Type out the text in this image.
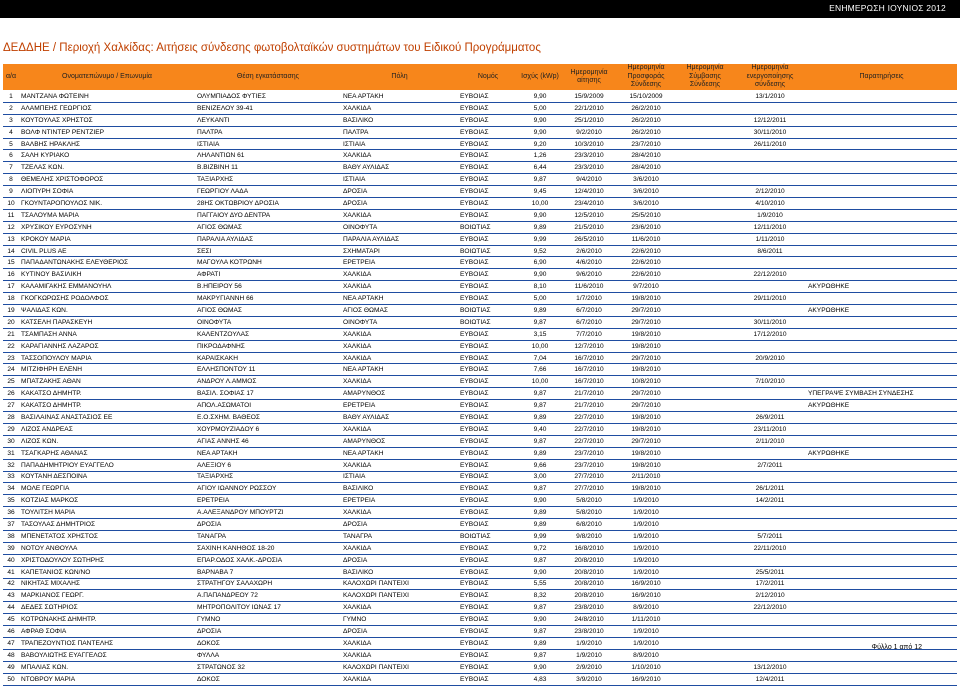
ΕΝΗΜΕΡΩΣΗ ΙΟΥΝΙΟΣ 2012
ΔΕΔΔΗΕ / Περιοχή Χαλκίδας: Αιτήσεις σύνδεσης φωτοβολταϊκών συστημάτων του Ειδικού Προγράμματος
α/α	Ονοματεπώνυμο / Επωνυμία	Θέση εγκατάστασης	Πόλη	Νομός	Ισχύς (kWp)	Ημερομηνία αίτησης	Ημερομηνία Προσφοράς Σύνδεσης	Ημερομηνία Σύμβασης Σύνδεσης	Ημερομηνία ενεργοποίησης σύνδεσης	Παρατηρήσεις
1	ΜΑΝΤΖΑΝΑ ΦΩΤΕΙΝΗ	ΟΛΥΜΠΙΑΔΟΣ ΦΥΤΙΕΣ	ΝΕΑ ΑΡΤΑΚΗ	ΕΥΒΟΙΑΣ	9,90	15/9/2009	15/10/2009		13/1/2010	
2	ΑΛΑΜΠΕΗΣ ΓΕΩΡΓΙΟΣ	ΒΕΝΙΖΕΛΟΥ 39-41	ΧΑΛΚΙΔΑ	ΕΥΒΟΙΑΣ	5,00	22/1/2010	26/2/2010			
3	ΚΟΥΤΟΥΛΑΣ ΧΡΗΣΤΟΣ	ΛΕΥΚΑΝΤΙ	ΒΑΣΙΛΙΚΟ	ΕΥΒΟΙΑΣ	9,90	25/1/2010	26/2/2010		12/12/2011	
4	ΒΟΛΦ ΝΤΙΝΤΕΡ ΡΕΝΤΖΙΕΡ	ΠΑΛΤΡΑ	ΠΑΛΤΡΑ	ΕΥΒΟΙΑΣ	9,90	9/2/2010	26/2/2010		30/11/2010	
5	ΒΑΛΒΗΣ ΗΡΑΚΛΗΣ	ΙΣΤΙΑΙΑ	ΙΣΤΙΑΙΑ	ΕΥΒΟΙΑΣ	9,20	10/3/2010	23/7/2010		26/11/2010	
6	ΣΑΛΗ ΚΥΡΙΑΚΟ	ΛΗΛΑΝΤΙΩΝ 61	ΧΑΛΚΙΔΑ	ΕΥΒΟΙΑΣ	1,26	23/3/2010	28/4/2010			
7	ΤΖΕΛΑΣ ΚΩΝ.	Β.ΒΙΖΒΙΝΗ 11	ΒΑΘΥ ΑΥΛΙΔΑΣ	ΕΥΒΟΙΑΣ	6,44	23/3/2010	28/4/2010			
8	ΘΕΜΕΛΗΣ ΧΡΙΣΤΟΦΟΡΟΣ	ΤΑΞΙΑΡΧΗΣ	ΙΣΤΙΑΙΑ	ΕΥΒΟΙΑΣ	9,87	9/4/2010	3/6/2010			
9	ΛΙΟΠΥΡΗ ΣΟΦΙΑ	ΓΕΩΡΓΙΟΥ ΛΑΔΑ	ΔΡΟΣΙΑ	ΕΥΒΟΙΑΣ	9,45	12/4/2010	3/6/2010		2/12/2010	
10	ΓΚΟΥΝΤΑΡΟΠΟΥΛΟΣ ΝΙΚ.	28ΗΣ ΟΚΤΩΒΡΙΟΥ ΔΡΟΣΙΑ	ΔΡΟΣΙΑ	ΕΥΒΟΙΑΣ	10,00	23/4/2010	3/6/2010		4/10/2010	
11	ΤΣΑΛΟΥΜΑ ΜΑΡΙΑ	ΠΑΓΓΑΙΟΥ ΔΥΟ ΔΕΝΤΡΑ	ΧΑΛΚΙΔΑ	ΕΥΒΟΙΑΣ	9,90	12/5/2010	25/5/2010		1/9/2010	
12	ΧΡΥΣΙΚΟΥ ΕΥΡΟΣΥΝΗ	ΑΓΙΟΣ ΘΩΜΑΣ	ΟΙΝΟΦΥΤΑ	ΒΟΙΩΤΙΑΣ	9,89	21/5/2010	23/6/2010		12/11/2010	
13	ΚΡΟΚΟΥ ΜΑΡΙΑ	ΠΑΡΑΛΙΑ ΑΥΛΙΔΑΣ	ΠΑΡΑΛΙΑ ΑΥΛΙΔΑΣ	ΕΥΒΟΙΑΣ	9,99	26/5/2010	11/6/2010		1/11/2010	
14	CIVIL PLUS AE	ΣΕΣΙ	ΣΧΗΜΑΤΑΡΙ	ΒΟΙΩΤΙΑΣ	9,52	2/6/2010	22/6/2010		8/6/2011	
15	ΠΑΠΑΔΑΝΤΩΝΑΚΗΣ ΕΛΕΥΘΕΡΙΟΣ	ΜΑΓΟΥΛΑ ΚΟΤΡΩΝΗ	ΕΡΕΤΡΕΙΑ	ΕΥΒΟΙΑΣ	6,90	4/6/2010	22/6/2010			
16	ΚΥΤΙΝΟΥ ΒΑΣΙΛΙΚΗ	ΑΦΡΑΤΙ	ΧΑΛΚΙΔΑ	ΕΥΒΟΙΑΣ	9,90	9/6/2010	22/6/2010		22/12/2010	
17	ΚΑΛΑΜΙΓΑΚΗΣ ΕΜΜΑΝΟΥΗΛ	Β.ΗΠΕΙΡΟΥ 56	ΧΑΛΚΙΔΑ	ΕΥΒΟΙΑΣ	8,10	11/6/2010	9/7/2010			ΑΚΥΡΩΘΗΚΕ
18	ΓΚΟΓΚΩΡΩΣΗΣ ΡΟΔΟΛΦΟΣ	ΜΑΚΡΥΓΙΑΝΝΗ 66	ΝΕΑ ΑΡΤΑΚΗ	ΕΥΒΟΙΑΣ	5,00	1/7/2010	19/8/2010		29/11/2010	
19	ΨΑΛΙΔΑΣ ΚΩΝ.	ΑΓΙΟΣ ΘΩΜΑΣ	ΑΓΙΟΣ ΘΩΜΑΣ	ΒΟΙΩΤΙΑΣ	9,89	6/7/2010	29/7/2010			ΑΚΥΡΩΘΗΚΕ
20	ΚΑΤΣΕΛΗ ΠΑΡΑΣΚΕΥΗ	ΟΙΝΟΦΥΤΑ	ΟΙΝΟΦΥΤΑ	ΒΟΙΩΤΙΑΣ	9,87	6/7/2010	29/7/2010		30/11/2010	
21	ΤΣΑΜΠΑΣΗ ΑΝΝΑ	ΚΑΛΕΝΤΖΟΥΛΑΣ	ΧΑΛΚΙΔΑ	ΕΥΒΟΙΑΣ	3,15	7/7/2010	19/8/2010		17/12/2010	
22	ΚΑΡΑΓΙΑΝΝΗΣ ΛΑΖΑΡΟΣ	ΠΙΚΡΟΔΑΦΝΗΣ	ΧΑΛΚΙΔΑ	ΕΥΒΟΙΑΣ	10,00	12/7/2010	19/8/2010			
23	ΤΑΣΣΟΠΟΥΛΟΥ ΜΑΡΙΑ	ΚΑΡΑΙΣΚΑΚΗ	ΧΑΛΚΙΔΑ	ΕΥΒΟΙΑΣ	7,04	16/7/2010	29/7/2010		20/9/2010	
24	ΜΙΤΖΙΦΗΡΗ ΕΛΕΝΗ	ΕΛΛΗΣΠΟΝΤΟΥ 11	ΝΕΑ ΑΡΤΑΚΗ	ΕΥΒΟΙΑΣ	7,66	16/7/2010	19/8/2010			
25	ΜΠΑΤΖΑΚΗΣ ΑΘΑΝ	ΑΝΔΡΟΥ Λ.ΑΜΜΟΣ	ΧΑΛΚΙΔΑ	ΕΥΒΟΙΑΣ	10,00	16/7/2010	10/8/2010		7/10/2010	
26	ΚΑΚΑΤΣΟ ΔΗΜΗΤΡ.	ΒΑΣΙΛ. ΣΟΦΙΑΣ 17	ΑΜΑΡΥΝΘΟΣ	ΕΥΒΟΙΑΣ	9,87	21/7/2010	29/7/2010			ΥΠΕΓΡΑΨΕ ΣΥΜΒΑΣΗ ΣΥΝΔΕΣΗΣ
27	ΚΑΚΑΤΣΟ ΔΗΜΗΤΡ.	ΑΠΟΛ.ΑΣΩΜΑΤΟΙ	ΕΡΕΤΡΕΙΑ	ΕΥΒΟΙΑΣ	9,87	21/7/2010	29/7/2010			ΑΚΥΡΩΘΗΚΕ
28	ΒΑΣΙΛΑΙΝΑΣ ΑΝΑΣΤΑΣΙΟΣ ΕΕ	Ε.Ο.ΣΧΗΜ. ΒΑΘΕΟΣ	ΒΑΘΥ ΑΥΛΙΔΑΣ	ΕΥΒΟΙΑΣ	9,89	22/7/2010	19/8/2010		26/9/2011	
29	ΛΙΖΟΣ ΑΝΔΡΕΑΣ	ΧΟΥΡΜΟΥΖΙΑΔΟΥ 6	ΧΑΛΚΙΔΑ	ΕΥΒΟΙΑΣ	9,40	22/7/2010	19/8/2010		23/11/2010	
30	ΛΙΖΟΣ ΚΩΝ.	ΑΓΙΑΣ ΑΝΝΗΣ 46	ΑΜΑΡΥΝΘΟΣ	ΕΥΒΟΙΑΣ	9,87	22/7/2010	29/7/2010		2/11/2010	
31	ΤΣΑΓΚΑΡΗΣ ΑΘΑΝΑΣ	ΝΕΑ ΑΡΤΑΚΗ	ΝΕΑ ΑΡΤΑΚΗ	ΕΥΒΟΙΑΣ	9,89	23/7/2010	19/8/2010			ΑΚΥΡΩΘΗΚΕ
32	ΠΑΠΑΔΗΜΗΤΡΙΟΥ ΕΥΑΓΓΕΛΟ	ΑΛΕΞΙΟΥ 6	ΧΑΛΚΙΔΑ	ΕΥΒΟΙΑΣ	9,66	23/7/2010	19/8/2010		2/7/2011	
33	ΚΟΥΤΑΝΗ ΔΕΣΠΟΙΝΑ	ΤΑΞΙΑΡΧΗΣ	ΙΣΤΙΑΙΑ	ΕΥΒΟΙΑΣ	3,00	27/7/2010	2/11/2010			
34	ΜΟΛΕ ΓΕΩΡΓΙΑ	ΑΓΙΟΥ ΙΩΑΝΝΟΥ ΡΩΣΣΟΥ	ΒΑΣΙΛΙΚΟ	ΕΥΒΟΙΑΣ	9,87	27/7/2010	19/8/2010		26/1/2011	
35	ΚΟΤΖΙΑΣ ΜΑΡΚΟΣ	ΕΡΕΤΡΕΙΑ	ΕΡΕΤΡΕΙΑ	ΕΥΒΟΙΑΣ	9,90	5/8/2010	1/9/2010		14/2/2011	
36	ΤΟΥΛΙΤΣΗ ΜΑΡΙΑ	Α.ΑΛΕΞΑΝΔΡΟΥ ΜΠΟΥΡΤΖΙ	ΧΑΛΚΙΔΑ	ΕΥΒΟΙΑΣ	9,89	5/8/2010	1/9/2010			
37	ΤΑΣΟΥΛΑΣ ΔΗΜΗΤΡΙΟΣ	ΔΡΟΣΙΑ	ΔΡΟΣΙΑ	ΕΥΒΟΙΑΣ	9,89	6/8/2010	1/9/2010			
38	ΜΠΕΝΕΤΑΤΟΣ ΧΡΗΣΤΟΣ	ΤΑΝΑΓΡΑ	ΤΑΝΑΓΡΑ	ΒΟΙΩΤΙΑΣ	9,99	9/8/2010	1/9/2010		5/7/2011	
39	ΝΟΤΟΥ ΑΝΘΟΥΛΑ	ΣΑΧΙΝΗ ΚΑΝΗΘΟΣ 18-20	ΧΑΛΚΙΔΑ	ΕΥΒΟΙΑΣ	9,72	16/8/2010	1/9/2010		22/11/2010	
40	ΧΡΙΣΤΟΔΟΥΛΟΥ ΣΩΤΗΡΗΣ	ΕΠΑΡ.ΟΔΟΣ ΧΑΛΚ.-ΔΡΟΣΙΑ	ΔΡΟΣΙΑ	ΕΥΒΟΙΑΣ	9,87	20/8/2010	1/9/2010			
41	ΚΑΠΕΤΑΝΙΟΣ ΚΩΝ/ΝΟ	ΒΑΡΝΑΒΑ 7	ΒΑΣΙΛΙΚΟ	ΕΥΒΟΙΑΣ	9,90	20/8/2010	1/9/2010		25/5/2011	
42	ΝΙΚΗΤΑΣ ΜΙΧΑΛΗΣ	ΣΤΡΑΤΗΓΟΥ ΣΑΛΑΧΩΡΗ	ΚΑΛΟΧΩΡΙ ΠΑΝΤΕΙΧΙ	ΕΥΒΟΙΑΣ	5,55	20/8/2010	16/9/2010		17/2/2011	
43	ΜΑΡΚΙΑΝΟΣ ΓΕΩΡΓ.	Α.ΠΑΠΑΝΔΡΕΟΥ 72	ΚΑΛΟΧΩΡΙ ΠΑΝΤΕΙΧΙ	ΕΥΒΟΙΑΣ	8,32	20/8/2010	16/9/2010		2/12/2010	
44	ΔΕΔΕΣ ΣΩΤΗΡΙΟΣ	ΜΗΤΡΟΠΟΛΙΤΟΥ ΙΩΝΑΣ 17	ΧΑΛΚΙΔΑ	ΕΥΒΟΙΑΣ	9,87	23/8/2010	8/9/2010		22/12/2010	
45	ΚΟΤΡΩΝΑΚΗΣ ΔΗΜΗΤΡ.	ΓΥΜΝΟ	ΓΥΜΝΟ	ΕΥΒΟΙΑΣ	9,90	24/8/2010	1/11/2010			
46	ΑΦΡΑΘ ΣΟΦΙΑ	ΔΡΟΣΙΑ	ΔΡΟΣΙΑ	ΕΥΒΟΙΑΣ	9,87	23/8/2010	1/9/2010			
47	ΤΡΑΠΕΖΟΥΝΤΙΟΣ ΠΑΝΤΕΛΗΣ	ΔΟΚΟΣ	ΧΑΛΚΙΔΑ	ΕΥΒΟΙΑΣ	9,89	1/9/2010	1/9/2010			
48	ΒΑΒΟΥΛΙΩΤΗΣ ΕΥΑΓΓΕΛΟΣ	ΦΥΛΛΑ	ΧΑΛΚΙΔΑ	ΕΥΒΟΙΑΣ	9,87	1/9/2010	8/9/2010			
49	ΜΠΑΛΙΑΣ ΚΩΝ.	ΣΤΡΑΤΩΝΟΣ 32	ΚΑΛΟΧΩΡΙ ΠΑΝΤΕΙΧΙ	ΕΥΒΟΙΑΣ	9,90	2/9/2010	1/10/2010		13/12/2010	
50	ΝΤΟΒΡΟΥ ΜΑΡΙΑ	ΔΟΚΟΣ	ΧΑΛΚΙΔΑ	ΕΥΒΟΙΑΣ	4,83	3/9/2010	16/9/2010		12/4/2011	
Φύλλο 1 από 12
